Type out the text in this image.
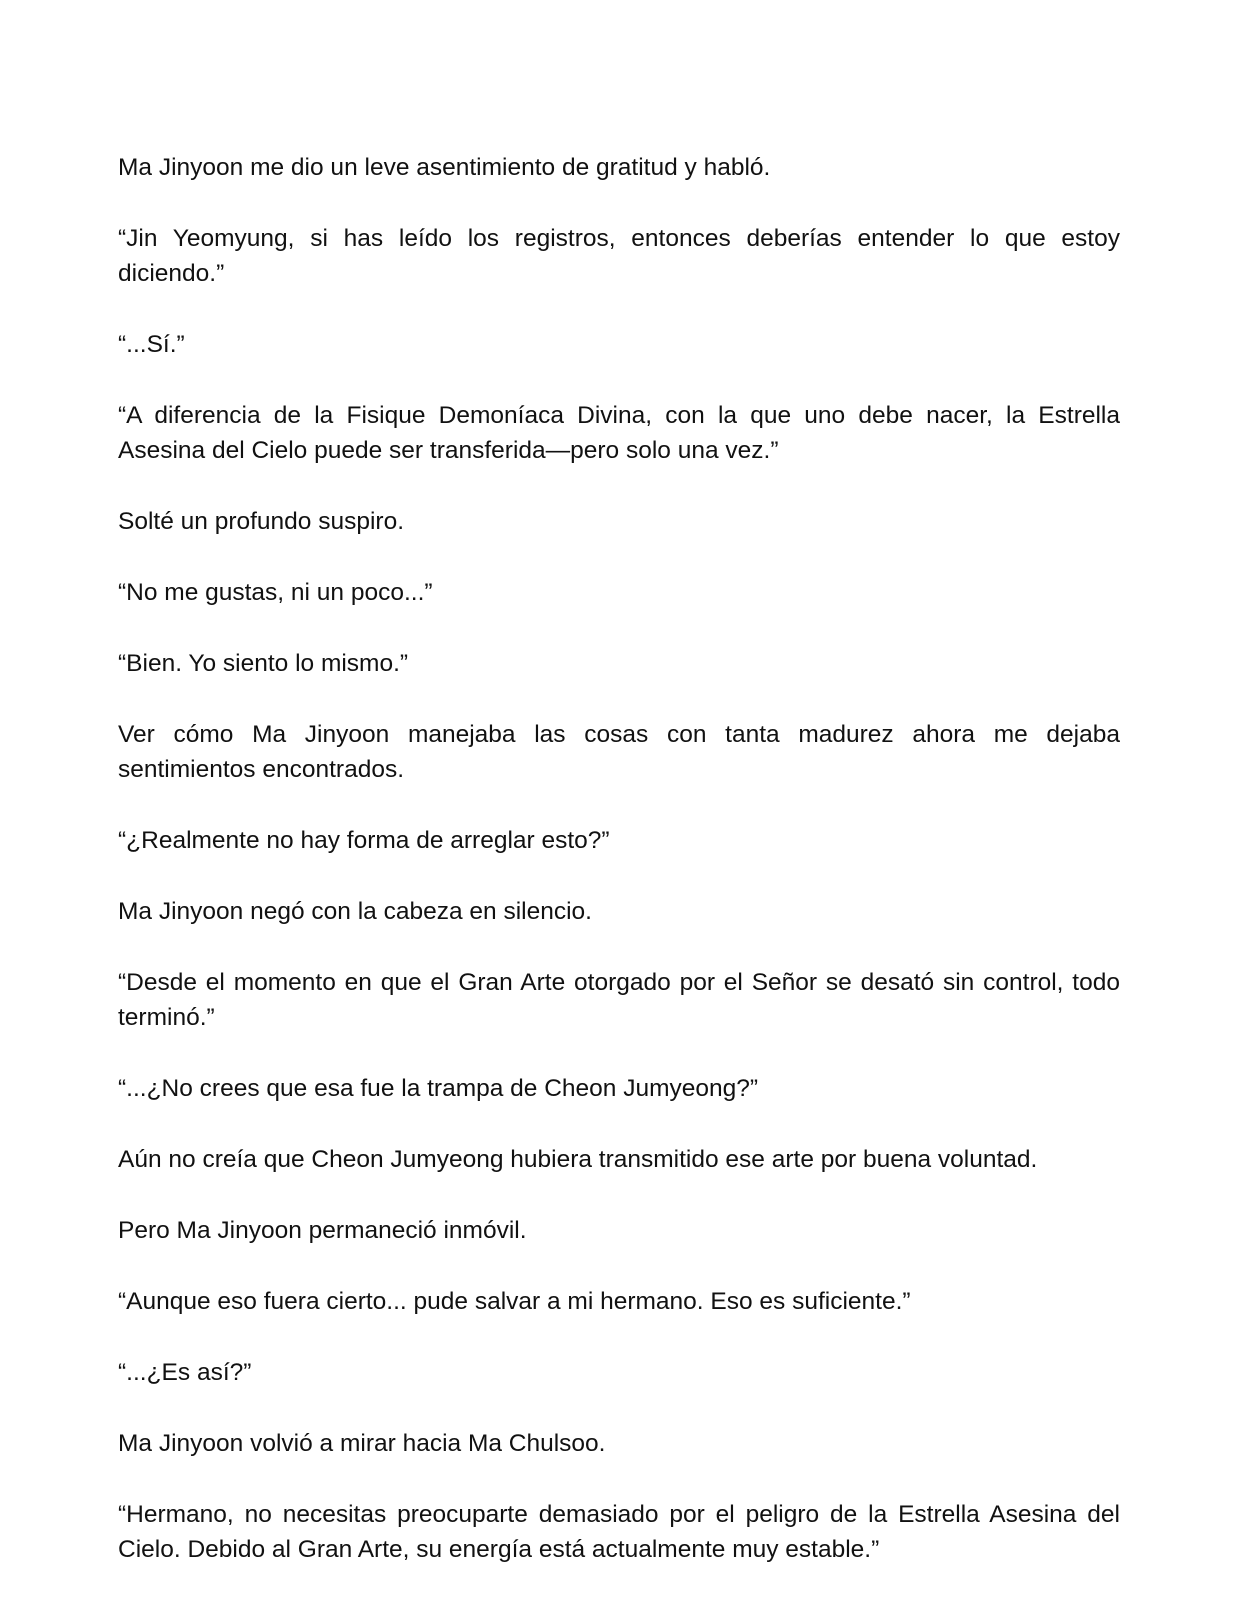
Ma Jinyoon me dio un leve asentimiento de gratitud y habló.

“Jin Yeomyung, si has leído los registros, entonces deberías entender lo que estoy diciendo.”

“...Sí.”

“A diferencia de la Fisique Demoníaca Divina, con la que uno debe nacer, la Estrella Asesina del Cielo puede ser transferida—pero solo una vez.”

Solté un profundo suspiro.

“No me gustas, ni un poco...”

“Bien. Yo siento lo mismo.”

Ver cómo Ma Jinyoon manejaba las cosas con tanta madurez ahora me dejaba sentimientos encontrados.

“¿Realmente no hay forma de arreglar esto?”

Ma Jinyoon negó con la cabeza en silencio.

“Desde el momento en que el Gran Arte otorgado por el Señor se desató sin control, todo terminó.”

“...¿No crees que esa fue la trampa de Cheon Jumyeong?”

Aún no creía que Cheon Jumyeong hubiera transmitido ese arte por buena voluntad.

Pero Ma Jinyoon permaneció inmóvil.

“Aunque eso fuera cierto... pude salvar a mi hermano. Eso es suficiente.”

“...¿Es así?”

Ma Jinyoon volvió a mirar hacia Ma Chulsoo.

“Hermano, no necesitas preocuparte demasiado por el peligro de la Estrella Asesina del Cielo. Debido al Gran Arte, su energía está actualmente muy estable.”
